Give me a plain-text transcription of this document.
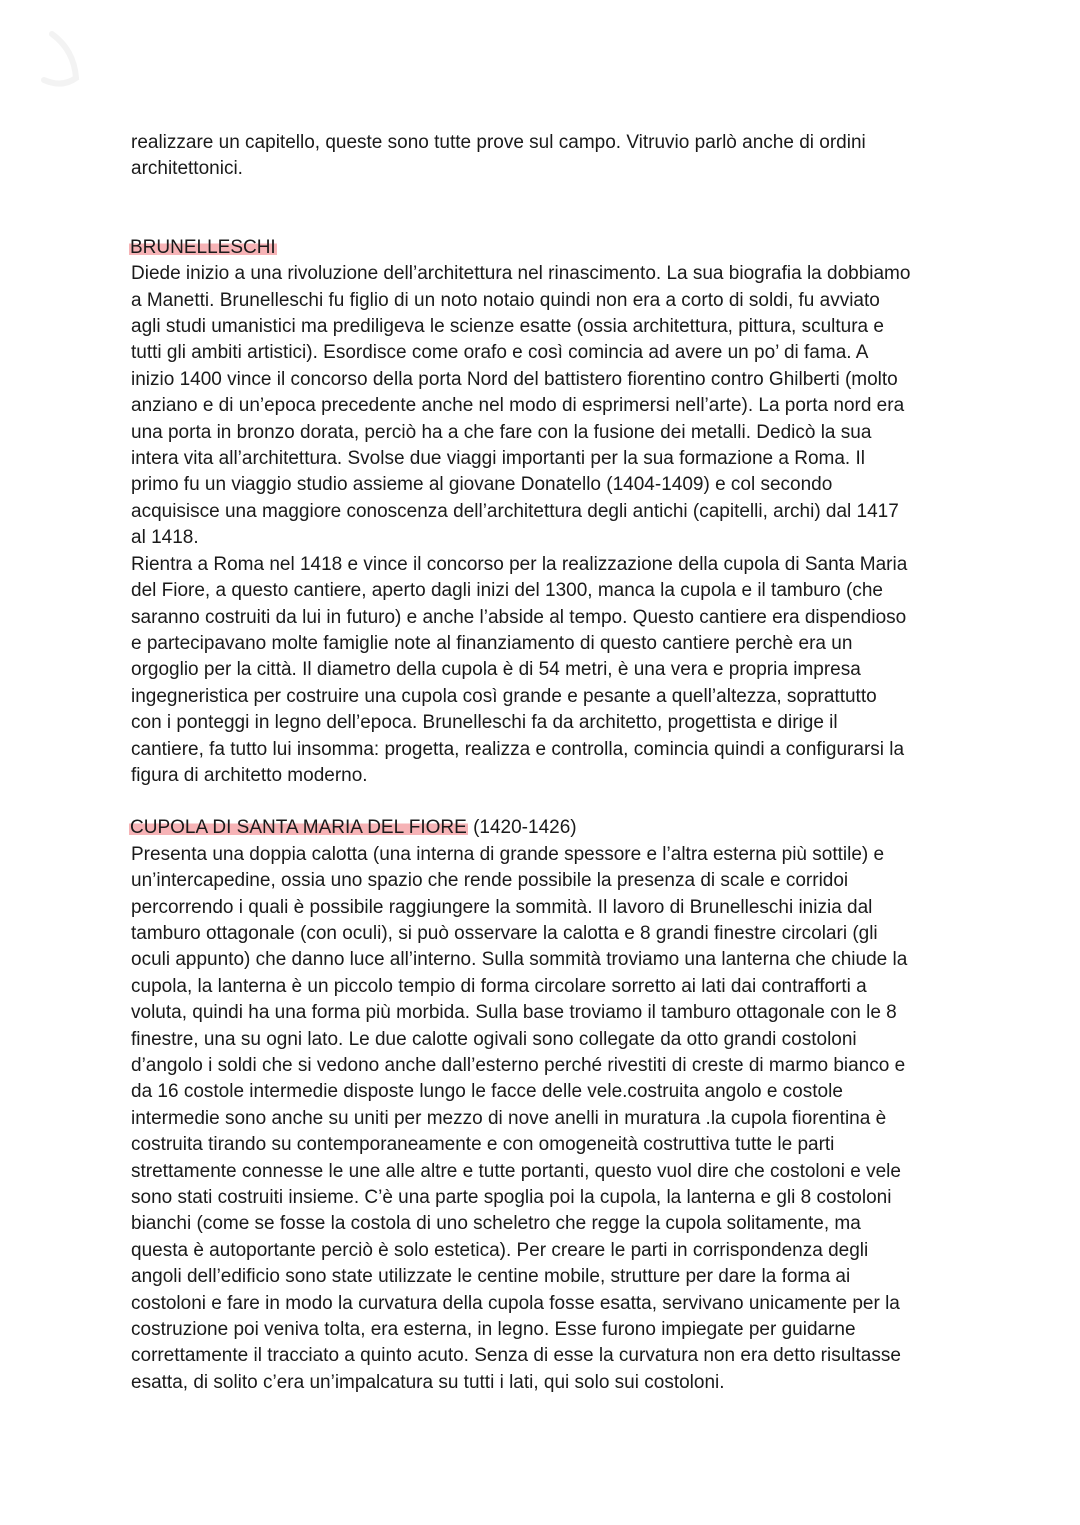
realizzare un capitello, queste sono tutte prove sul campo. Vitruvio parlò anche di ordini
architettonici.
BRUNELLESCHI
Diede inizio a una rivoluzione dell’architettura nel rinascimento. La sua biografia la dobbiamo
a Manetti. Brunelleschi fu figlio di un noto notaio quindi non era a corto di soldi, fu avviato
agli studi umanistici ma prediligeva le scienze esatte (ossia architettura, pittura, scultura e
tutti gli ambiti artistici). Esordisce come orafo e così comincia ad avere un po’ di fama. A
inizio 1400 vince il concorso della porta Nord del battistero fiorentino contro Ghilberti (molto
anziano e di un’epoca precedente anche nel modo di esprimersi nell’arte). La porta nord era
una porta in bronzo dorata, perciò ha a che fare con la fusione dei metalli. Dedicò la sua
intera vita all’architettura. Svolse due viaggi importanti per la sua formazione a Roma. Il
primo fu un viaggio studio assieme al giovane Donatello (1404-1409) e col secondo
acquisisce una maggiore conoscenza dell’architettura degli antichi (capitelli, archi) dal 1417
al 1418.
Rientra a Roma nel 1418 e vince il concorso per la realizzazione della cupola di Santa Maria
del Fiore, a questo cantiere, aperto dagli inizi del 1300, manca la cupola e il tamburo (che
saranno costruiti da lui in futuro) e anche l’abside al tempo. Questo cantiere era dispendioso
e partecipavano molte famiglie note al finanziamento di questo cantiere perchè era un
orgoglio per la città. Il diametro della cupola è di 54 metri, è una vera e propria impresa
ingegneristica per costruire una cupola così grande e pesante a quell’altezza, soprattutto
con i ponteggi in legno dell’epoca. Brunelleschi fa da architetto, progettista e dirige il
cantiere, fa tutto lui insomma: progetta, realizza e controlla, comincia quindi a configurarsi la
figura di architetto moderno.
CUPOLA DI SANTA MARIA DEL FIORE (1420-1426)
Presenta una doppia calotta (una interna di grande spessore e l’altra esterna più sottile) e
un’intercapedine, ossia uno spazio che rende possibile la presenza di scale e corridoi
percorrendo i quali è possibile raggiungere la sommità. Il lavoro di Brunelleschi inizia dal
tamburo ottagonale (con oculi), si può osservare la calotta e 8 grandi finestre circolari (gli
oculi appunto) che danno luce all’interno. Sulla sommità troviamo una lanterna che chiude la
cupola, la lanterna è un piccolo tempio di forma circolare sorretto ai lati dai contrafforti a
voluta, quindi ha una forma più morbida. Sulla base troviamo il tamburo ottagonale con le 8
finestre, una su ogni lato. Le due calotte ogivali sono collegate da otto grandi costoloni
d’angolo i soldi che si vedono anche dall’esterno perché rivestiti di creste di marmo bianco e
da 16 costole intermedie disposte lungo le facce delle vele.costruita angolo e costole
intermedie sono anche su uniti per mezzo di nove anelli in muratura .la cupola fiorentina è
costruita tirando su contemporaneamente e con omogeneità costruttiva tutte le parti
strettamente connesse le une alle altre e tutte portanti, questo vuol dire che costoloni e vele
sono stati costruiti insieme. C’è una parte spoglia poi la cupola, la lanterna e gli 8 costoloni
bianchi (come se fosse la costola di uno scheletro che regge la cupola solitamente, ma
questa è autoportante perciò è solo estetica). Per creare le parti in corrispondenza degli
angoli dell’edificio sono state utilizzate le centine mobile, strutture per dare la forma ai
costoloni e fare in modo la curvatura della cupola fosse esatta, servivano unicamente per la
costruzione poi veniva tolta, era esterna, in legno. Esse furono impiegate per guidarne
correttamente il tracciato a quinto acuto. Senza di esse la curvatura non era detto risultasse
esatta, di solito c’era un’impalcatura su tutti i lati, qui solo sui costoloni.
